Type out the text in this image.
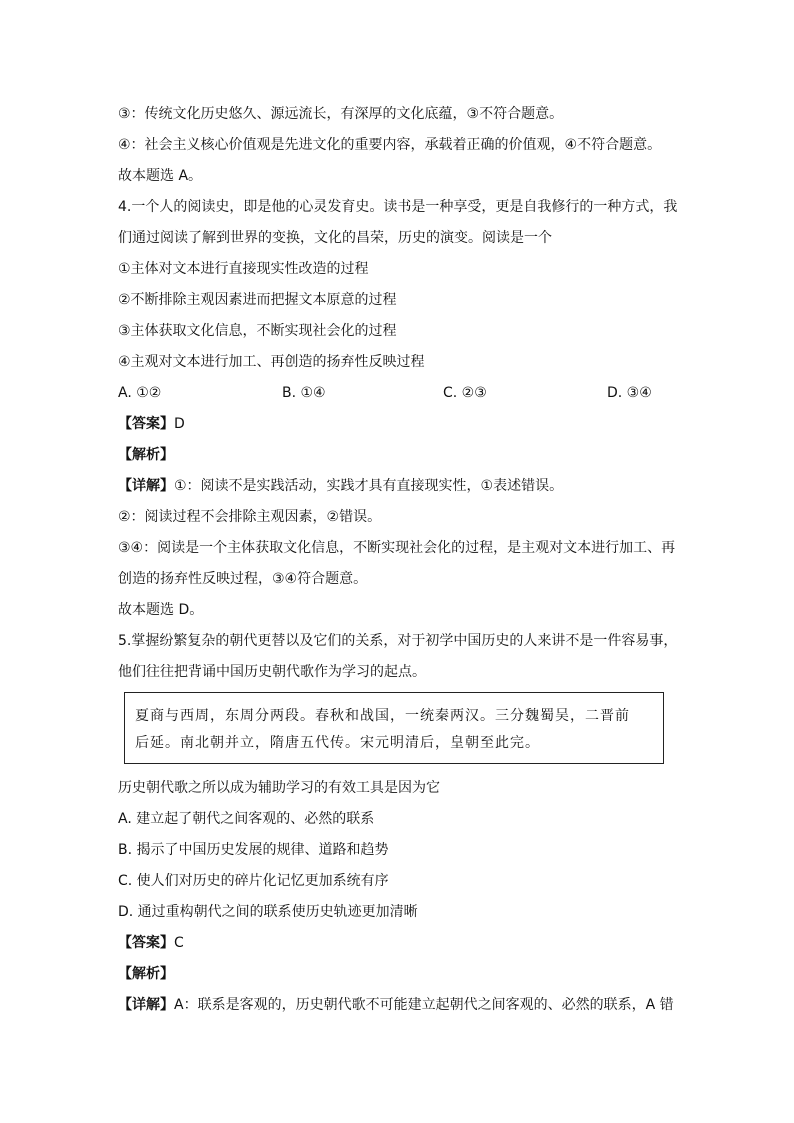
③：传统文化历史悠久、源远流长，有深厚的文化底蕴，③不符合题意。
④：社会主义核心价值观是先进文化的重要内容，承载着正确的价值观，④不符合题意。
故本题选 A。
4.一个人的阅读史，即是他的心灵发育史。读书是一种享受，更是自我修行的一种方式，我
们通过阅读了解到世界的变换，文化的昌荣，历史的演变。阅读是一个
①主体对文本进行直接现实性改造的过程
②不断排除主观因素进而把握文本原意的过程
③主体获取文化信息，不断实现社会化的过程
④主观对文本进行加工、再创造的扬弃性反映过程
A. ①②	B. ①④	C. ②③	D. ③④
【答案】D
【解析】
【详解】①：阅读不是实践活动，实践才具有直接现实性，①表述错误。
②：阅读过程不会排除主观因素，②错误。
③④：阅读是一个主体获取文化信息，不断实现社会化的过程，是主观对文本进行加工、再
创造的扬弃性反映过程，③④符合题意。
故本题选 D。
5.掌握纷繁复杂的朝代更替以及它们的关系，对于初学中国历史的人来讲不是一件容易事，
他们往往把背诵中国历史朝代歌作为学习的起点。
夏商与西周，东周分两段。春秋和战国，一统秦两汉。三分魏蜀吴，二晋前
后延。南北朝并立，隋唐五代传。宋元明清后，皇朝至此完。
历史朝代歌之所以成为辅助学习的有效工具是因为它
A. 建立起了朝代之间客观的、必然的联系
B. 揭示了中国历史发展的规律、道路和趋势
C. 使人们对历史的碎片化记忆更加系统有序
D. 通过重构朝代之间的联系使历史轨迹更加清晰
【答案】C
【解析】
【详解】A：联系是客观的，历史朝代歌不可能建立起朝代之间客观的、必然的联系，A 错
